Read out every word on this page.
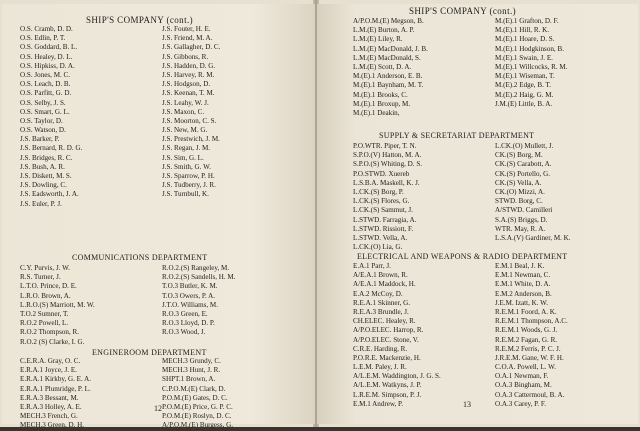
SHIP'S COMPANY (cont.)
O.S. Cramb, D. D.
O.S. Edlin, P. T.
O.S. Goddard, B. L.
O.S. Healey, D. L.
O.S. Hipkiss, D. A.
O.S. Jones, M. C.
O.S. Leach, D. B.
O.S. Parfitt, G. D.
O.S. Selby, J. S.
O.S. Smart, G. L.
O.S. Taylor, D.
O.S. Watson, D.
J.S. Barker, P.
J.S. Bernard, R. D. G.
J.S. Bridges, R. C.
J.S. Bush, A. R.
J.S. Diskett, M. S.
J.S. Dowling, C.
J.S. Eadsworth, J. A.
J.S. Euler, P. J.
J.S. Fouter, H. E.
J.S. Friend, M. A.
J.S. Gallagher, D. C.
J.S. Gibbons, R.
J.S. Hadden, D. G.
J.S. Harvey, R. M.
J.S. Hodgson, D.
J.S. Keenan, T. M.
J.S. Leahy, W. J.
J.S. Maxon, C.
J.S. Moorton, C. S.
J.S. New, M. G.
J.S. Prestwich, J. M.
J.S. Regan, J. M.
J.S. Sim, G. L.
J.S. Smith, G. W.
J.S. Sparrow, P. H.
J.S. Tudberry, J. R.
J.S. Turnbull, K.
COMMUNICATIONS DEPARTMENT
C.Y. Purvis, J. W.
R.S. Turner, J.
L.T.O. Prince, D. E.
L.R.O. Brown, A.
L.R.O.(S) Marriott, M. W.
T.O.2 Sumner, T.
R.O.2 Powell, L.
R.O.2 Thompson, R.
R.O.2 (S) Clarke, I. G.
R.O.2.(S) Rangeley, M.
R.O.2.(S) Sandells, H. M.
T.O.3 Butler, K. M.
T.O.3 Owers, P. A.
J.T.O. Williams, M.
R.O.3 Green, E.
R.O.3 Lloyd, D. P.
R.O.3 Wood, J.
ENGINEROOM DEPARTMENT
C.E.R.A. Gray, O. C.
E.R.A.1 Joyce, J. E.
E.R.A.1 Kirkby, G. E. A.
E.R.A.1 Plumridge, P. L.
E.R.A.3 Bessant, M.
E.R.A.3 Holley, A. E.
MECH.3 French, G.
MECH.3 Green, D. H.
MECH.3 Grundy, C.
MECH.3 Hunt, J. R.
SHPT.1 Brown, A.
C.P.O.M.(E) Clark, D.
P.O.M.(E) Gates, D. C.
P.O.M.(E) Price, G. P. C.
P.O.M.(E) Roslyn, D. C.
A/P.O.M.(E) Burgess, G.
12
SHIP'S COMPANY (cont.)
A/P.O.M.(E) Megson, B.
L.M.(E) Burton, A. P.
L.M.(E) Liley, R.
L.M.(E) MacDonald, J. B.
L.M.(E) MacDonald, S.
L.M.(E) Scott, D. A.
M.(E).1 Anderson, E. B.
M.(E).1 Baynham, M. T.
M.(E).1 Brooks, C.
M.(E).1 Broxup, M.
M.(E).1 Deakin,
M.(E).1 Grafton, D. F.
M.(E).1 Hill, R. K.
M.(E).1 Hoare, D. S.
M.(E).1 Hodgkinson, B.
M.(E).1 Swain, J. E.
M.(E).1 Willcocks, R. M.
M.(E).1 Wiseman, T.
M.(E).2 Edge, B. T.
M.(E).2 Haig, G. M.
J.M.(E) Little, B. A.
SUPPLY & SECRETARIAT DEPARTMENT
P.O.WTR. Piper, T. N.
S.P.O.(V) Hatton, M. A.
S.P.O.(S) Whiting, D. S.
P.O.STWD. Xuereb
L.S.B.A. Maskell, K. J.
L.CK.(S) Borg, P.
L.CK.(S) Flores, G.
L.CK.(S) Sammut, J.
L.STWD. Farragia, A.
L.STWD. Rissiott, F.
L.STWD. Vella, A.
L.CK.(O) Lia, G.
L.CK.(O) Mullett, J.
CK.(S) Borg, M.
CK.(S) Carabott, A.
CK.(S) Portello, G.
CK.(S) Vella, A.
CK.(O) Mizzi, A.
STWD. Borg, C.
A/STWD. Camilleri
S.A.(S) Briggs, D.
WTR. May, R. A.
L.S.A.(V) Gardiner, M. K.
ELECTRICAL AND WEAPONS & RADIO DEPARTMENT
E.A.1 Parr, J.
A/E.A.1 Brown, R.
A/E.A.1 Maddock, H.
E.A.2 McCoy, D.
R.E.A.1 Skinner, G.
R.E.A.3 Brundle, J.
CH.ELEC. Healey, R.
A/P.O.ELEC. Harrop, R.
A/P.O.ELEC. Stone, V.
C.R.E. Harding, R.
P.O.R.E. Mackenzie, H.
L.E.M. Paley, J. R.
A/L.E.M. Waddington, J. G. S.
A/L.E.M. Watkyns, J. P.
L.R.E.M. Simpson, P. J.
E.M.1 Andrew, P.
E.M.1 Beal, J. K.
E.M.1 Newman, C.
E.M.1 White, D. A.
E.M.2 Anderson, B.
J.E.M. Izatt, K. W.
R.E.M.1 Foord, A. K.
R.E.M.1 Thompson, A.C.
R.E.M.1 Woods, G. J.
R.E.M.2 Fagan, G. R.
R.E.M.2 Ferris, P. C. J.
J.R.E.M. Gane, W. F. H.
C.O.A. Powell, L. W.
O.A.1 Newman, F.
O.A.3 Bingham, M.
O.A.3 Cattermoul, B. A.
O.A.3 Carey, P. F.
13
